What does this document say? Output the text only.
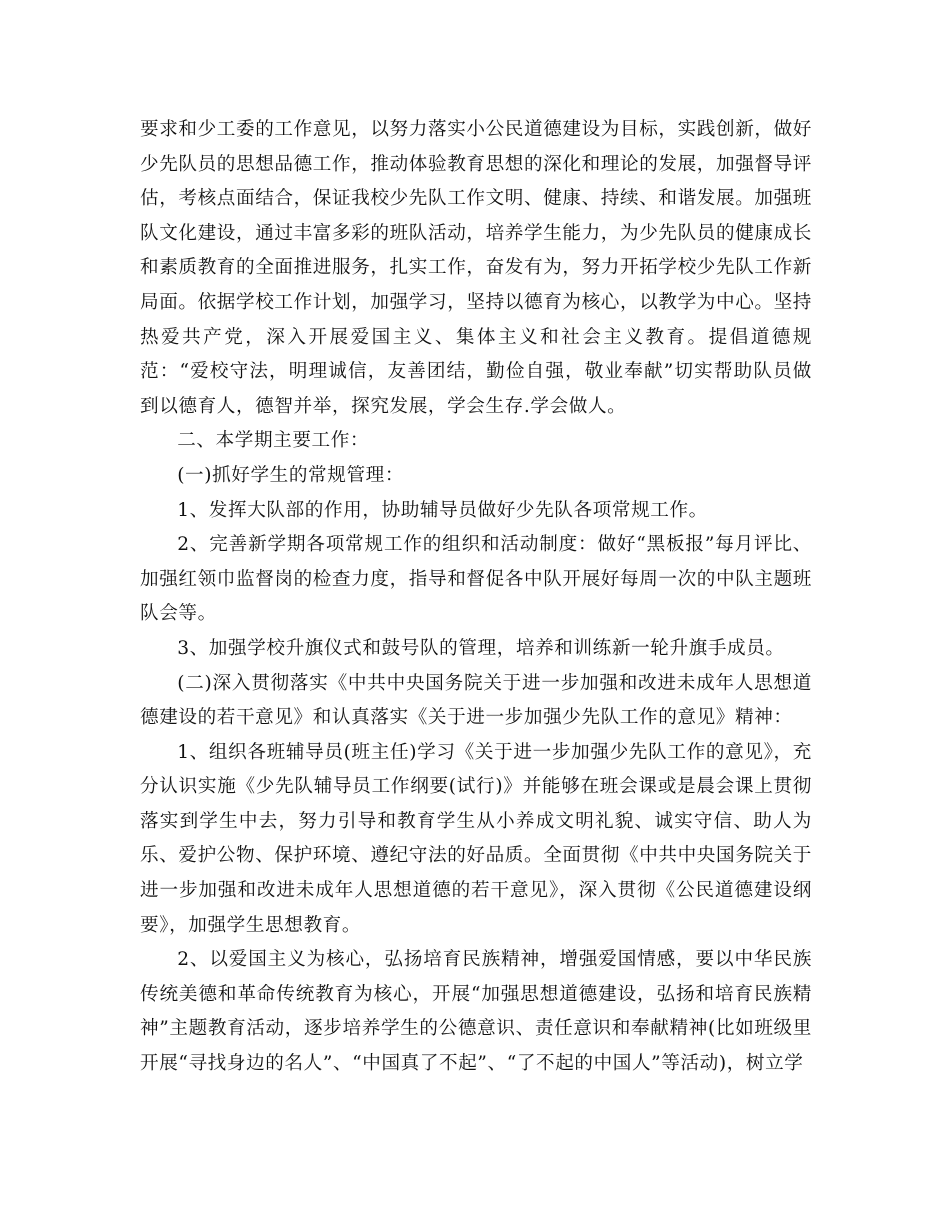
要求和少工委的工作意见，以努力落实小公民道德建设为目标，实践创新，做好少先队员的思想品德工作，推动体验教育思想的深化和理论的发展，加强督导评估，考核点面结合，保证我校少先队工作文明、健康、持续、和谐发展。加强班队文化建设，通过丰富多彩的班队活动，培养学生能力，为少先队员的健康成长和素质教育的全面推进服务，扎实工作，奋发有为，努力开拓学校少先队工作新局面。依据学校工作计划，加强学习，坚持以德育为核心，以教学为中心。坚持热爱共产党，深入开展爱国主义、集体主义和社会主义教育。提倡道德规范：“爱校守法，明理诚信，友善团结，勤俭自强，敬业奉献”切实帮助队员做到以德育人，德智并举，探究发展，学会生存.学会做人。

二、本学期主要工作：

(一)抓好学生的常规管理：

1、发挥大队部的作用，协助辅导员做好少先队各项常规工作。

2、完善新学期各项常规工作的组织和活动制度：做好“黑板报”每月评比、加强红领巾监督岗的检查力度，指导和督促各中队开展好每周一次的中队主题班队会等。

3、加强学校升旗仪式和鼓号队的管理，培养和训练新一轮升旗手成员。

(二)深入贯彻落实《中共中央国务院关于进一步加强和改进未成年人思想道德建设的若干意见》和认真落实《关于进一步加强少先队工作的意见》精神：

1、组织各班辅导员(班主任)学习《关于进一步加强少先队工作的意见》，充分认识实施《少先队辅导员工作纲要(试行)》并能够在班会课或是晨会课上贯彻落实到学生中去，努力引导和教育学生从小养成文明礼貌、诚实守信、助人为乐、爱护公物、保护环境、遵纪守法的好品质。全面贯彻《中共中央国务院关于进一步加强和改进未成年人思想道德的若干意见》，深入贯彻《公民道德建设纲要》，加强学生思想教育。

2、以爱国主义为核心，弘扬培育民族精神，增强爱国情感，要以中华民族传统美德和革命传统教育为核心，开展“加强思想道德建设，弘扬和培育民族精神”主题教育活动，逐步培养学生的公德意识、责任意识和奉献精神(比如班级里开展“寻找身边的名人”、“中国真了不起”、“了不起的中国人”等活动)，树立学
